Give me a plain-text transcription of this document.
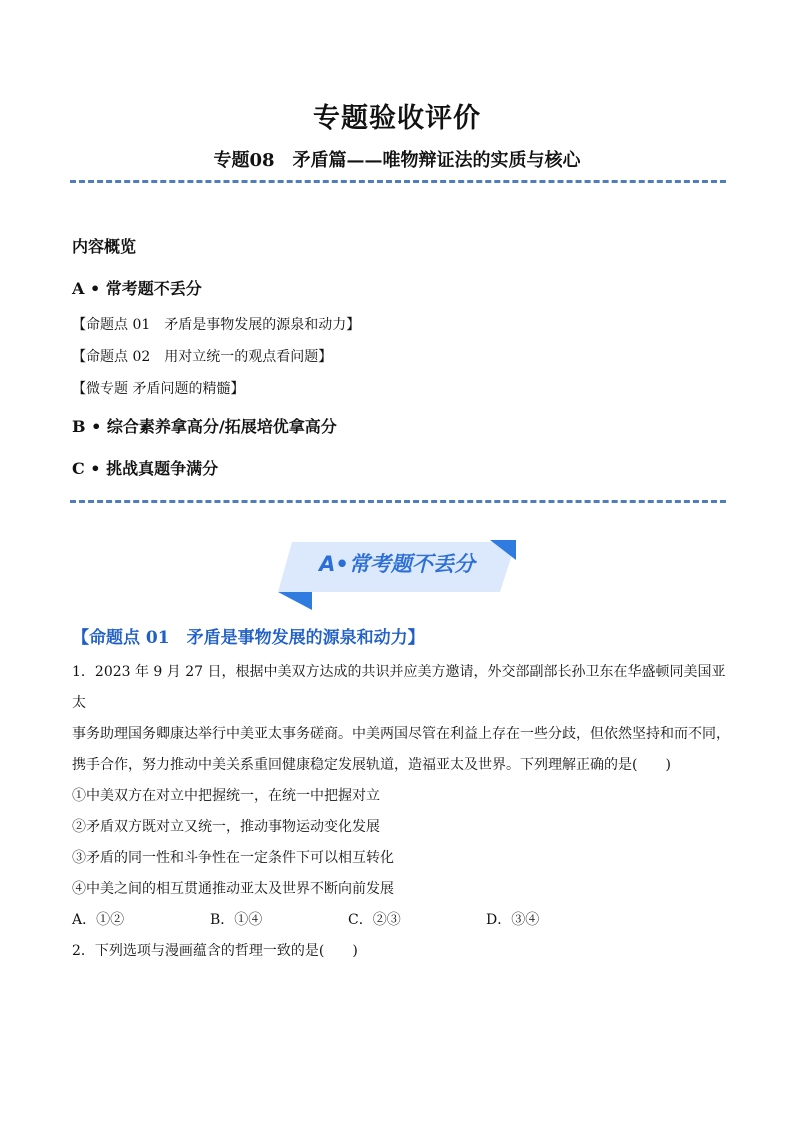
专题验收评价
专题08　矛盾篇——唯物辩证法的实质与核心
内容概览
A • 常考题不丢分
【命题点 01　矛盾是事物发展的源泉和动力】
【命题点 02　用对立统一的观点看问题】
【微专题 矛盾问题的精髓】
B • 综合素养拿高分/拓展培优拿高分
C • 挑战真题争满分
A•常考题不丢分
【命题点 01　矛盾是事物发展的源泉和动力】
1．2023 年 9 月 27 日，根据中美双方达成的共识并应美方邀请，外交部副部长孙卫东在华盛顿同美国亚太
事务助理国务卿康达举行中美亚太事务磋商。中美两国尽管在利益上存在一些分歧，但依然坚持和而不同，
携手合作，努力推动中美关系重回健康稳定发展轨道，造福亚太及世界。下列理解正确的是(　　)
①中美双方在对立中把握统一，在统一中把握对立
②矛盾双方既对立又统一，推动事物运动变化发展
③矛盾的同一性和斗争性在一定条件下可以相互转化
④中美之间的相互贯通推动亚太及世界不断向前发展
A．①②	B．①④	C．②③	D．③④
2．下列选项与漫画蕴含的哲理一致的是(　　)
